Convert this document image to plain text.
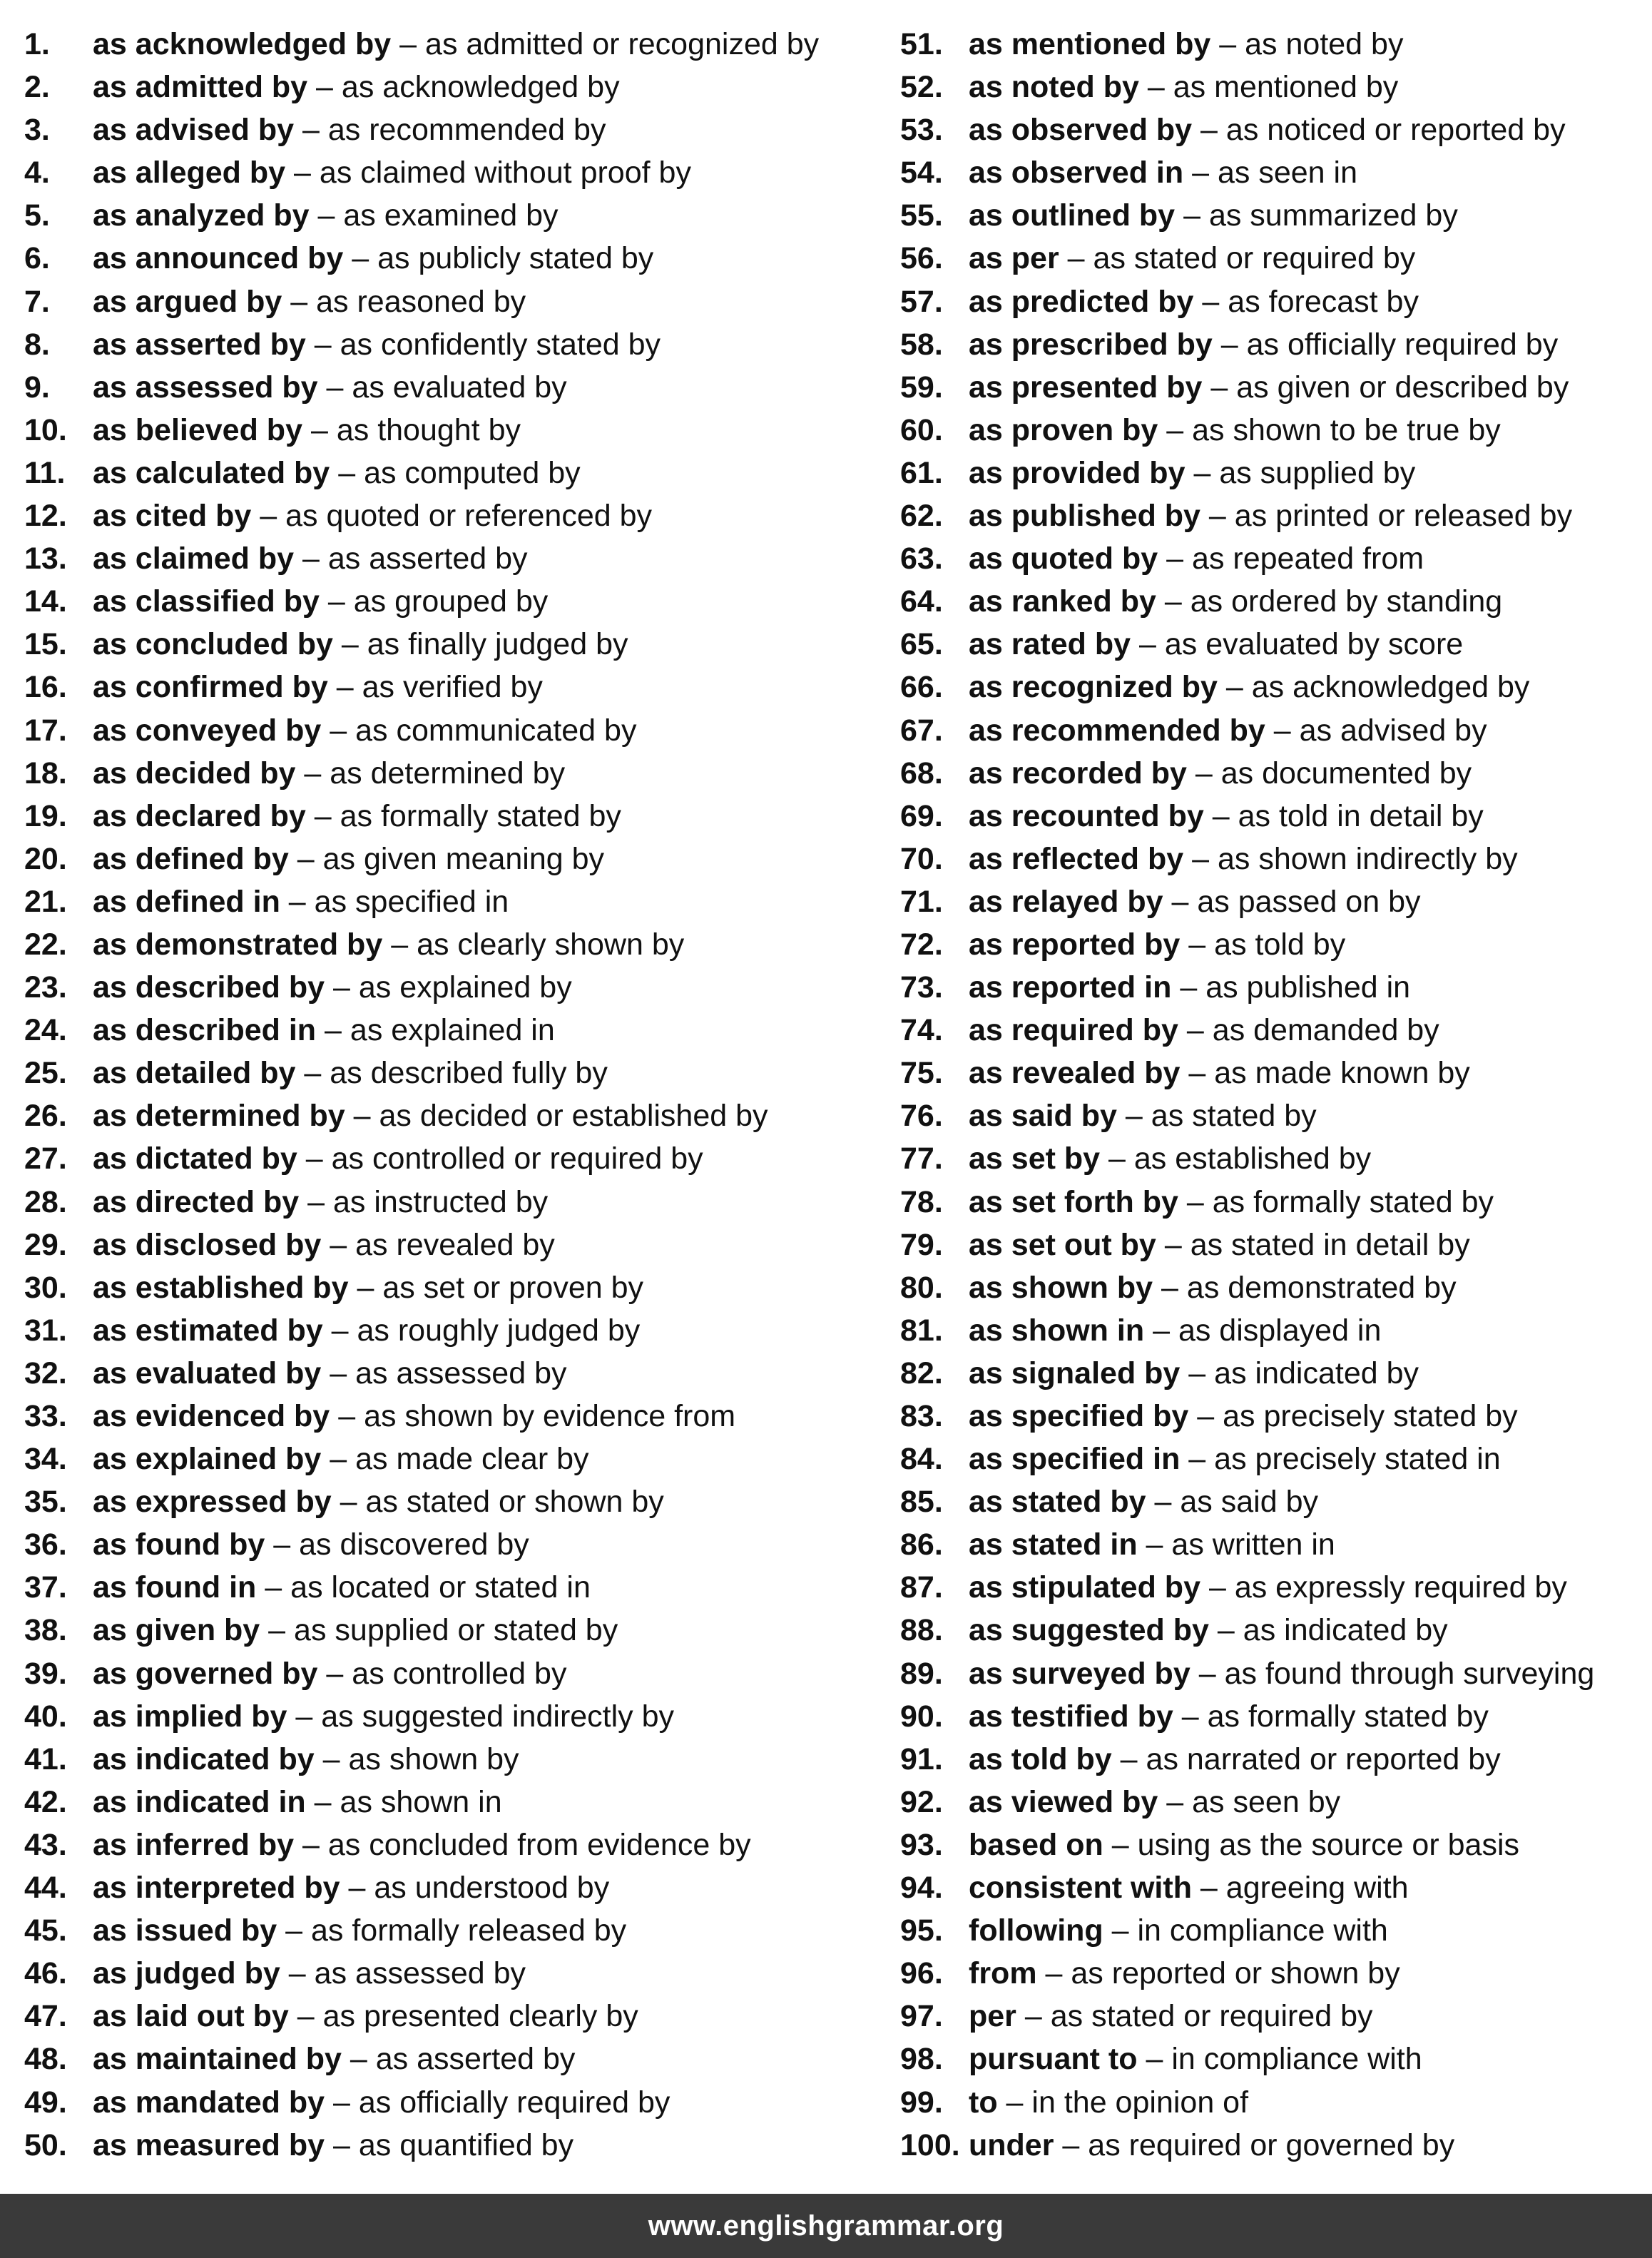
1.	as acknowledged by – as admitted or recognized by
2.	as admitted by – as acknowledged by
3.	as advised by – as recommended by
4.	as alleged by – as claimed without proof by
5.	as analyzed by – as examined by
6.	as announced by – as publicly stated by
7.	as argued by – as reasoned by
8.	as asserted by – as confidently stated by
9.	as assessed by – as evaluated by
10. as believed by – as thought by
11. as calculated by – as computed by
12. as cited by – as quoted or referenced by
13. as claimed by – as asserted by
14. as classified by – as grouped by
15. as concluded by – as finally judged by
16. as confirmed by – as verified by
17. as conveyed by – as communicated by
18. as decided by – as determined by
19. as declared by – as formally stated by
20. as defined by – as given meaning by
21. as defined in – as specified in
22. as demonstrated by – as clearly shown by
23. as described by – as explained by
24. as described in – as explained in
25. as detailed by – as described fully by
26. as determined by – as decided or established by
27. as dictated by – as controlled or required by
28. as directed by – as instructed by
29. as disclosed by – as revealed by
30. as established by – as set or proven by
31. as estimated by – as roughly judged by
32. as evaluated by – as assessed by
33. as evidenced by – as shown by evidence from
34. as explained by – as made clear by
35. as expressed by – as stated or shown by
36. as found by – as discovered by
37. as found in – as located or stated in
38. as given by – as supplied or stated by
39. as governed by – as controlled by
40. as implied by – as suggested indirectly by
41. as indicated by – as shown by
42. as indicated in – as shown in
43. as inferred by – as concluded from evidence by
44. as interpreted by – as understood by
45. as issued by – as formally released by
46. as judged by – as assessed by
47. as laid out by – as presented clearly by
48. as maintained by – as asserted by
49. as mandated by – as officially required by
50. as measured by – as quantified by
51. as mentioned by – as noted by
52. as noted by – as mentioned by
53. as observed by – as noticed or reported by
54. as observed in – as seen in
55. as outlined by – as summarized by
56. as per – as stated or required by
57. as predicted by – as forecast by
58. as prescribed by – as officially required by
59. as presented by – as given or described by
60. as proven by – as shown to be true by
61. as provided by – as supplied by
62. as published by – as printed or released by
63. as quoted by – as repeated from
64. as ranked by – as ordered by standing
65. as rated by – as evaluated by score
66. as recognized by – as acknowledged by
67. as recommended by – as advised by
68. as recorded by – as documented by
69. as recounted by – as told in detail by
70. as reflected by – as shown indirectly by
71. as relayed by – as passed on by
72. as reported by – as told by
73. as reported in – as published in
74. as required by – as demanded by
75. as revealed by – as made known by
76. as said by – as stated by
77. as set by – as established by
78. as set forth by – as formally stated by
79. as set out by – as stated in detail by
80. as shown by – as demonstrated by
81. as shown in – as displayed in
82. as signaled by – as indicated by
83. as specified by – as precisely stated by
84. as specified in – as precisely stated in
85. as stated by – as said by
86. as stated in – as written in
87. as stipulated by – as expressly required by
88. as suggested by – as indicated by
89. as surveyed by – as found through surveying
90. as testified by – as formally stated by
91. as told by – as narrated or reported by
92. as viewed by – as seen by
93. based on – using as the source or basis
94. consistent with – agreeing with
95. following – in compliance with
96. from – as reported or shown by
97. per – as stated or required by
98. pursuant to – in compliance with
99. to – in the opinion of
100. under – as required or governed by
www.englishgrammar.org
